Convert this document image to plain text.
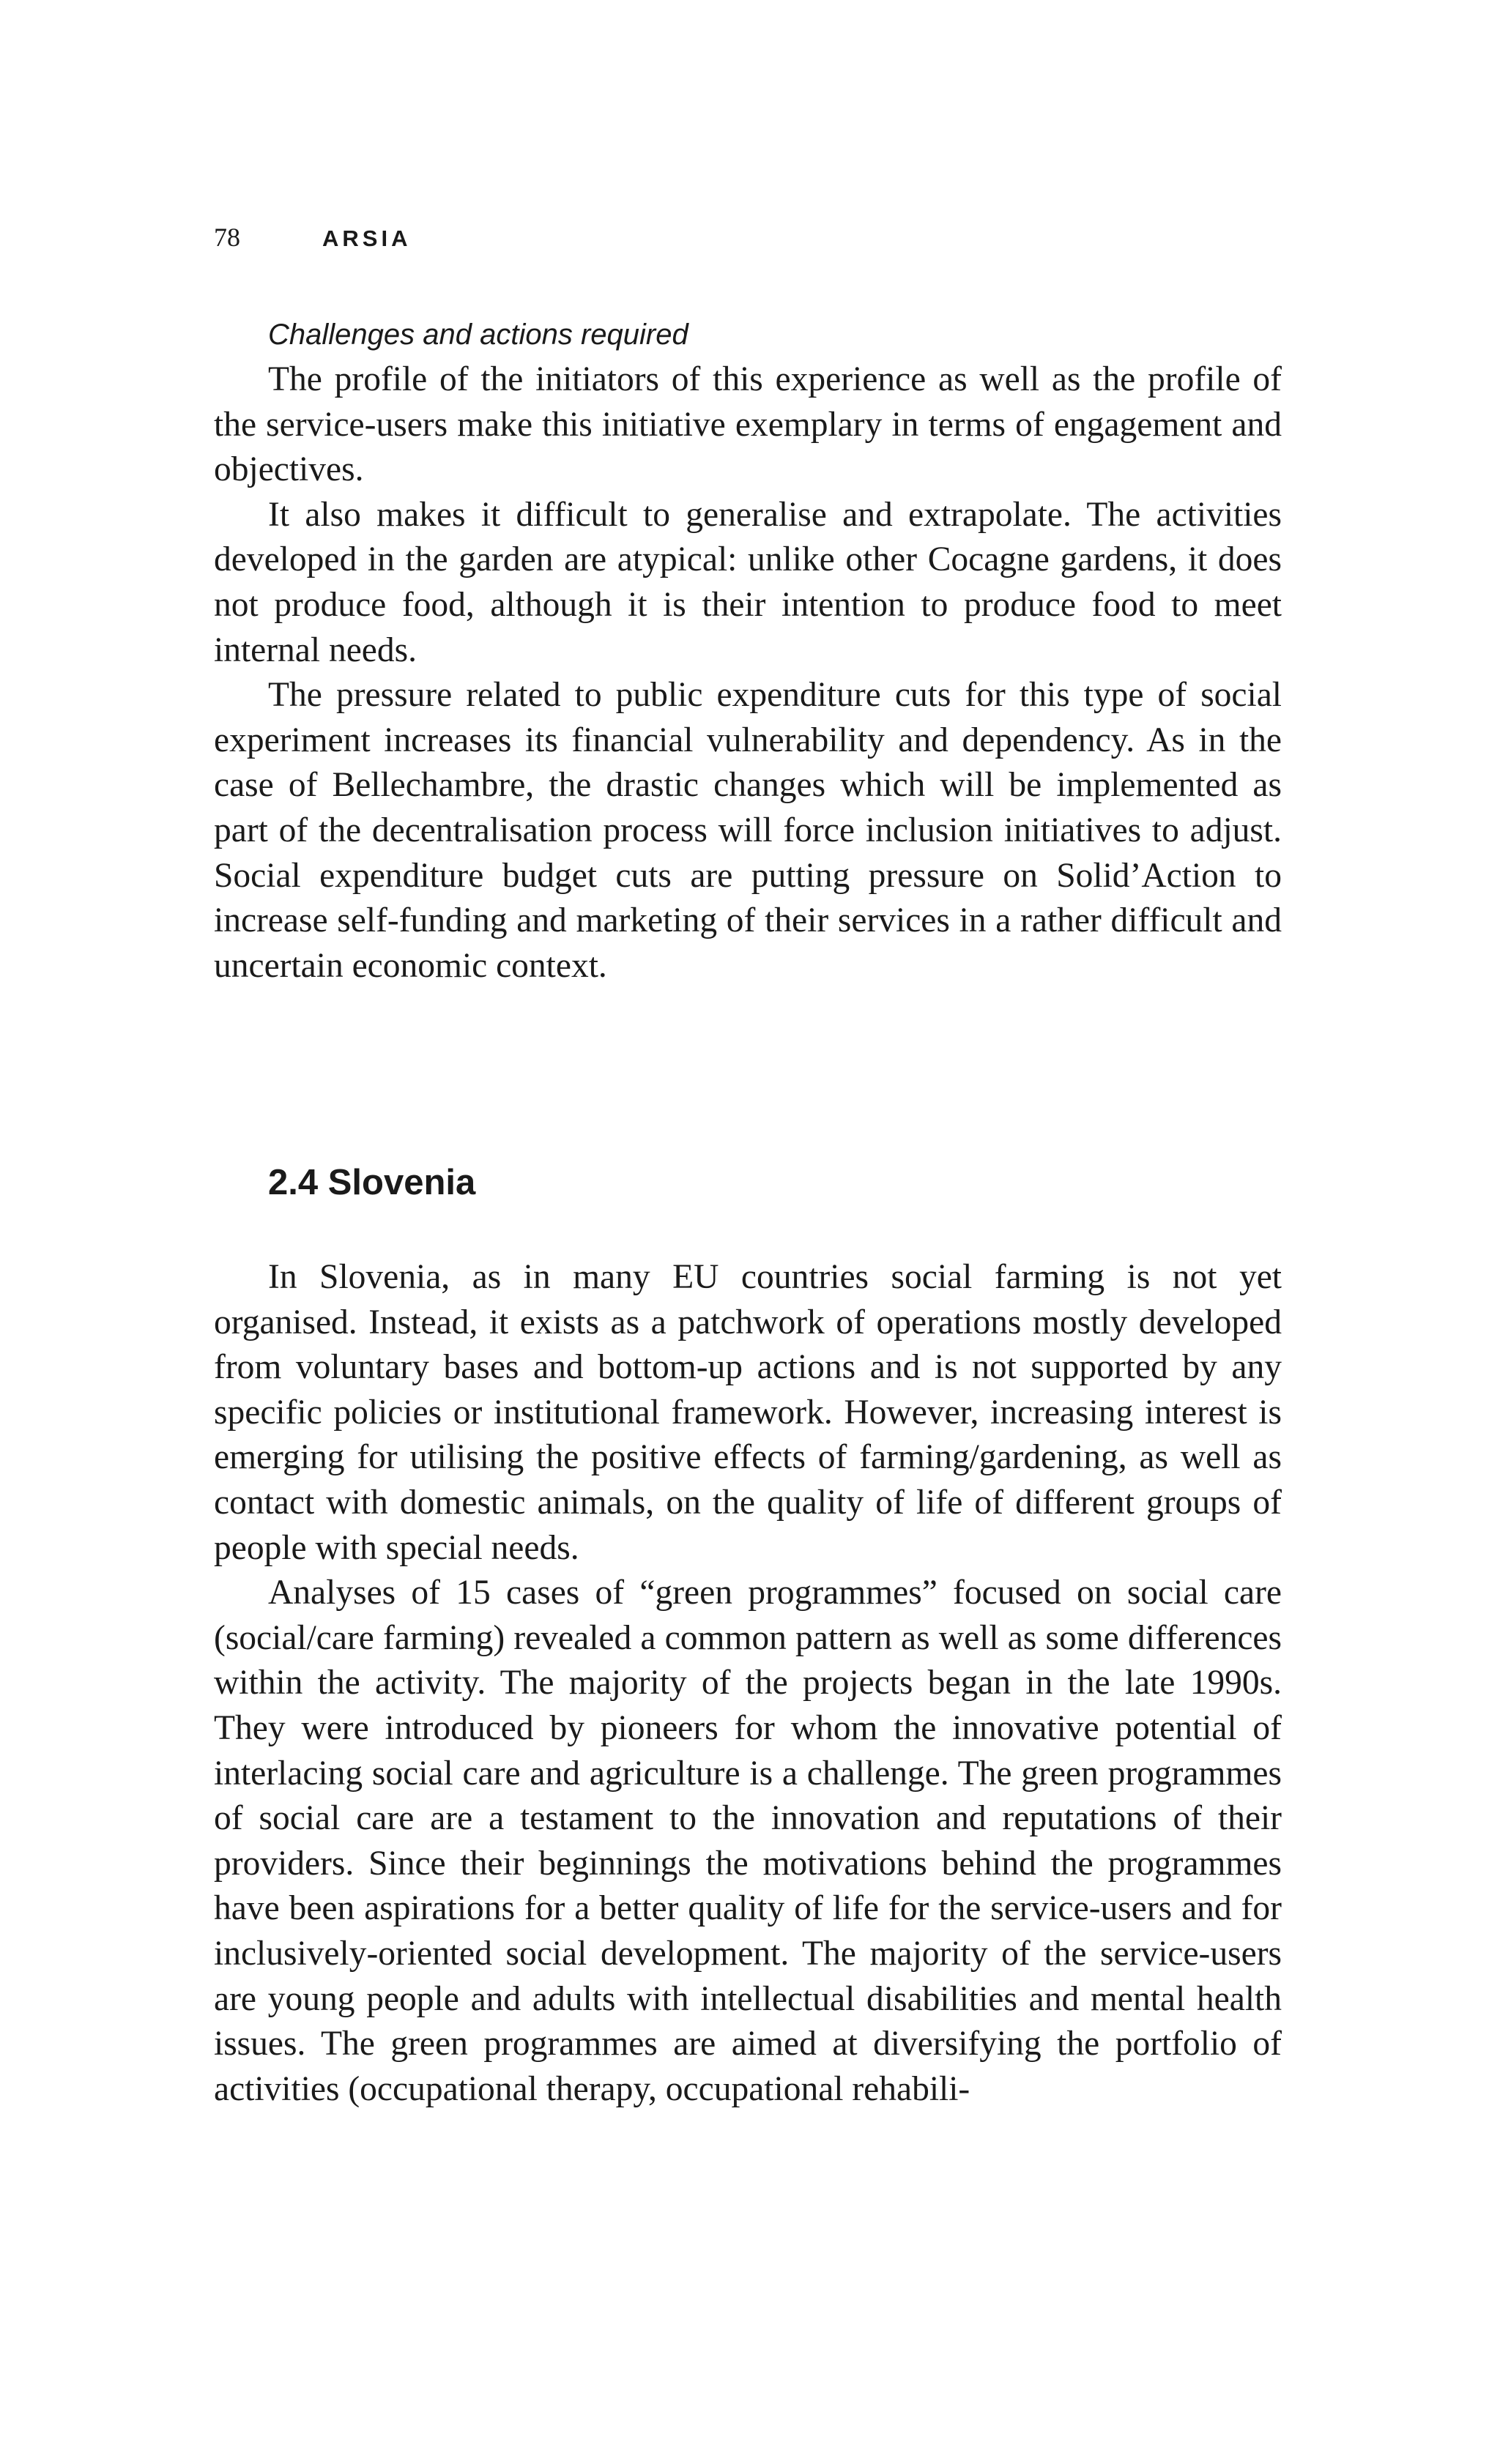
78	ARSIA

Challenges and actions required

The profile of the initiators of this experience as well as the profile of the service-users make this initiative exemplary in terms of engagement and objectives.

It also makes it difficult to generalise and extrapolate. The activities developed in the garden are atypical: unlike other Cocagne gardens, it does not produce food, although it is their intention to produce food to meet internal needs.

The pressure related to public expenditure cuts for this type of social experiment increases its financial vulnerability and dependency. As in the case of Bellechambre, the drastic changes which will be implemented as part of the decentralisation process will force inclusion initiatives to adjust. Social expenditure budget cuts are putting pressure on Solid’Action to increase self-funding and marketing of their services in a rather difficult and uncertain economic context.

2.4 Slovenia

In Slovenia, as in many EU countries social farming is not yet organised. Instead, it exists as a patchwork of operations mostly developed from voluntary bases and bottom-up actions and is not supported by any specific policies or institutional framework. However, increasing interest is emerging for utilising the positive effects of farming/gardening, as well as contact with domestic animals, on the quality of life of different groups of people with special needs.

Analyses of 15 cases of “green programmes” focused on social care (social/care farming) revealed a common pattern as well as some differences within the activity. The majority of the projects began in the late 1990s. They were introduced by pioneers for whom the innovative potential of interlacing social care and agriculture is a challenge. The green programmes of social care are a testament to the innovation and reputations of their providers. Since their beginnings the motivations behind the programmes have been aspirations for a better quality of life for the service-users and for inclusively-oriented social development. The majority of the service-users are young people and adults with intellectual disabilities and mental health issues. The green programmes are aimed at diversifying the portfolio of activities (occupational therapy, occupational rehabili-
